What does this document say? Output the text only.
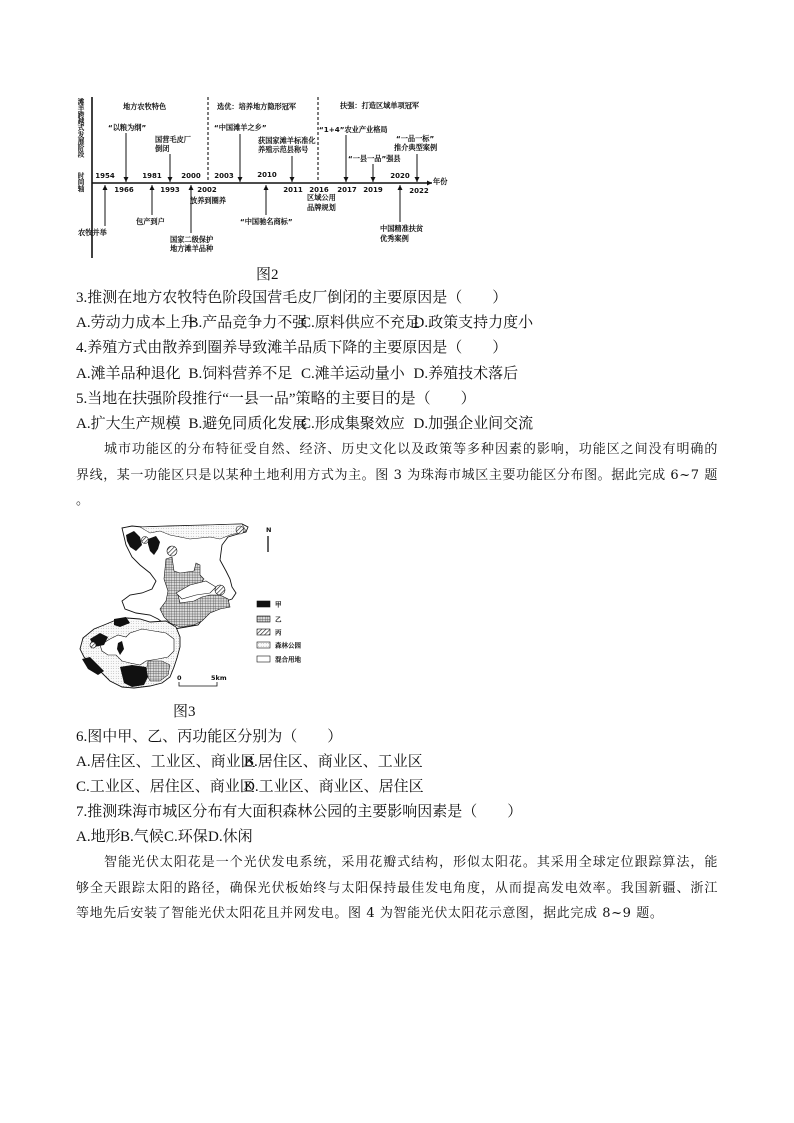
滩羊跨越式发展阶段
时间轴	年份
地方农牧特色	选优：培养地方隐形冠军	扶强：打造区域单项冠军
1954	1981	2000 2003	2010	2020
1966	1993	2002	2011 2016 2017 2019	2022
“以粮为纲”
国营毛皮厂
倒闭
“中国滩羊之乡”
获国家滩羊标准化
养殖示范县称号
“1+4”农业产业格局
“一县一品”强县
“一品一标”
推介典型案例
农牧并举
包产到户
国家二级保护
地方滩羊品种
放养到圈养
“中国驰名商标”
区域公用
品牌规划
中国精准扶贫
优秀案例
图2
3.推测在地方农牧特色阶段国营毛皮厂倒闭的主要原因是（　　）
A.劳动力成本上升B.产品竞争力不强C.原料供应不充足D.政策支持力度小
4.养殖方式由散养到圈养导致滩羊品质下降的主要原因是（　　）
A.滩羊品种退化 B.饲料营养不足 C.滩羊运动量小 D.养殖技术落后
5.当地在扶强阶段推行“一县一品”策略的主要目的是（　　）
A.扩大生产规模 B.避免同质化发展C.形成集聚效应 D.加强企业间交流
城市功能区的分布特征受自然、经济、历史文化以及政策等多种因素的影响，功能区之间没有明确的
界线，某一功能区只是以某种土地利用方式为主。图 3 为珠海市城区主要功能区分布图。据此完成 6~7 题
。
N
0	5km
甲
乙
丙
森林公园
混合用地
图3
6.图中甲、乙、丙功能区分别为（　　）
A.居住区、工业区、商业区B.居住区、商业区、工业区
C.工业区、居住区、商业区D.工业区、商业区、居住区
7.推测珠海市城区分布有大面积森林公园的主要影响因素是（　　）
A.地形B.气候C.环保D.休闲
智能光伏太阳花是一个光伏发电系统，采用花瓣式结构，形似太阳花。其采用全球定位跟踪算法，能
够全天跟踪太阳的路径，确保光伏板始终与太阳保持最佳发电角度，从而提高发电效率。我国新疆、浙江
等地先后安装了智能光伏太阳花且并网发电。图 4 为智能光伏太阳花示意图，据此完成 8~9 题。
